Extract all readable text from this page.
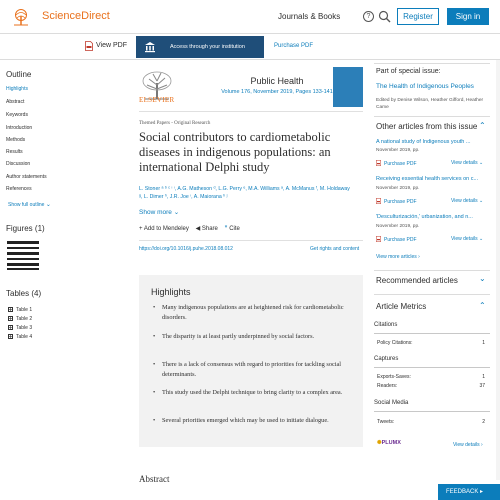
ScienceDirect	Journals & Books	?	Register	Sign in
View PDF	Access through your institution	Purchase PDF
Outline
Highlights
Abstract
Keywords
Introduction
Methods
Results
Discussion
Author statements
References
Show full outline ⌄
Figures (1)
Tables (4)
Table 1
Table 2
Table 3
Table 4
ELSEVIER
Public Health
Volume 176, November 2019, Pages 133-141
Themed Papers - Original Research
Social contributors to cardiometabolic diseases in indigenous populations: an international Delphi study
L. Stoner ᵃ ᵇ ᶜ ⁱ ⁱ, A.G. Matheson ᵈ, L.G. Perry ᵉ, M.A. Williams ᵃ, A. McManus ᶠ, M. Holdaway
ᵍ, L. Dimer ʰ, J.R. Joe ⁱ, A. Maiorana ʰ ʲ
Show more ⌄
+ Add to Mendeley ◀ Share ” Cite
https://doi.org/10.1016/j.puhe.2018.08.012	Get rights and content
Highlights
•	Many indigenous populations are at heightened risk for cardiometabolic disorders.
•	The disparity is at least partly underpinned by social factors.
•	There is a lack of consensus with regard to priorities for tackling social determinants.
•	This study used the Delphi technique to bring clarity to a complex area.
•	Several priorities emerged which may be used to initiate dialogue.
Abstract
Part of special issue:
The Health of Indigenous Peoples
Edited by Denise Wilson, Heather Gifford, Heather Came
Other articles from this issue ⌃
A national study of Indigenous youth ...
November 2019, pp.
Purchase PDF	View details ⌄
Receiving essential health services on c...
November 2019, pp.
Purchase PDF	View details ⌄
'Desculturización,' urbanization, and n...
November 2019, pp.
Purchase PDF	View details ⌄
View more articles ›
Recommended articles	⌄
Article Metrics	⌃
Citations
Policy Citations:	1
Captures
Exports-Saves:	1
Readers:	37
Social Media
Tweets:	2
✺PLUMX	View details ›
FEEDBACK ▸
